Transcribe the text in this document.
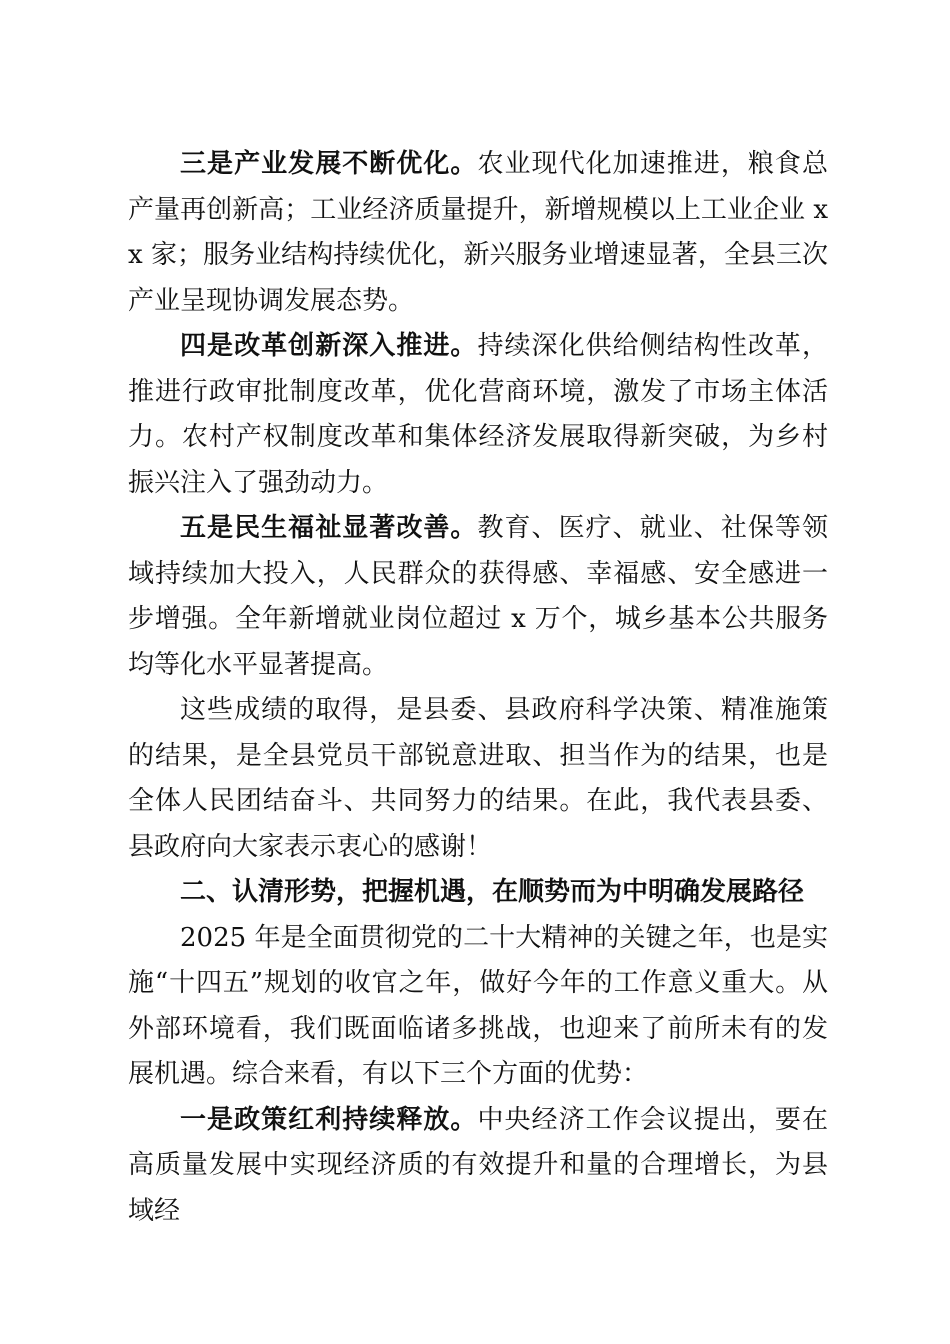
三是产业发展不断优化。农业现代化加速推进，粮食总产量再创新高；工业经济质量提升，新增规模以上工业企业 xx 家；服务业结构持续优化，新兴服务业增速显著，全县三次产业呈现协调发展态势。

四是改革创新深入推进。持续深化供给侧结构性改革，推进行政审批制度改革，优化营商环境，激发了市场主体活力。农村产权制度改革和集体经济发展取得新突破，为乡村振兴注入了强劲动力。

五是民生福祉显著改善。教育、医疗、就业、社保等领域持续加大投入，人民群众的获得感、幸福感、安全感进一步增强。全年新增就业岗位超过 x 万个，城乡基本公共服务均等化水平显著提高。

这些成绩的取得，是县委、县政府科学决策、精准施策的结果，是全县党员干部锐意进取、担当作为的结果，也是全体人民团结奋斗、共同努力的结果。在此，我代表县委、县政府向大家表示衷心的感谢！

二、认清形势，把握机遇，在顺势而为中明确发展路径

2025 年是全面贯彻党的二十大精神的关键之年，也是实施“十四五”规划的收官之年，做好今年的工作意义重大。从外部环境看，我们既面临诸多挑战，也迎来了前所未有的发展机遇。综合来看，有以下三个方面的优势：

一是政策红利持续释放。中央经济工作会议提出，要在高质量发展中实现经济质的有效提升和量的合理增长，为县域经
